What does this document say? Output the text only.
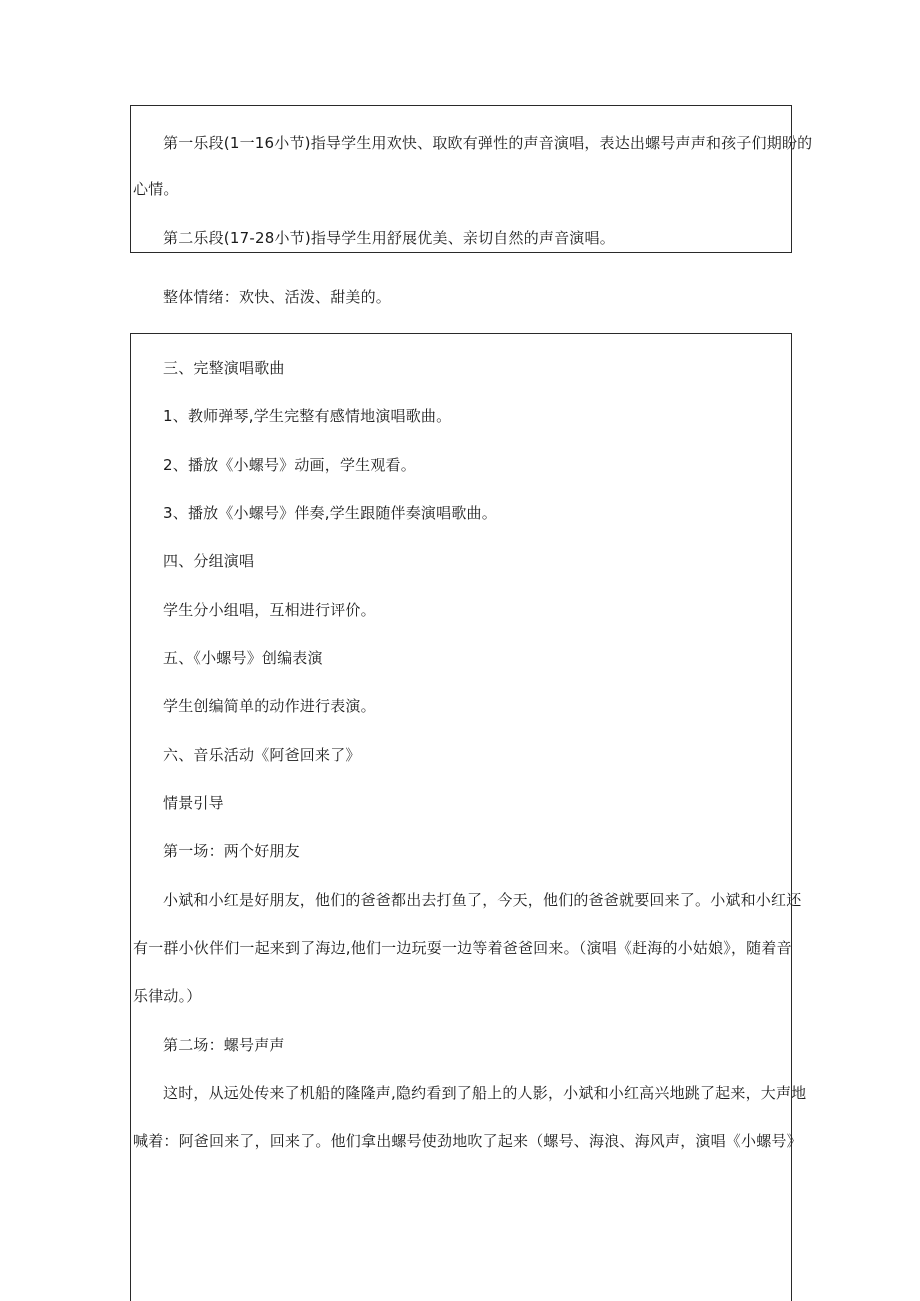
第一乐段(1一16小节)指导学生用欢快、取欧有弹性的声音演唱，表达出螺号声声和孩子们期盼的

心情。

第二乐段(17-28小节)指导学生用舒展优美、亲切自然的声音演唱。

整体情绪：欢快、活泼、甜美的。

三、完整演唱歌曲

1、教师弹琴,学生完整有感情地演唱歌曲。

2、播放《小螺号》动画，学生观看。

3、播放《小螺号》伴奏,学生跟随伴奏演唱歌曲。

四、分组演唱

学生分小组唱，互相进行评价。

五、《小螺号》创编表演

学生创编简单的动作进行表演。

六、音乐活动《阿爸回来了》

情景引导

第一场：两个好朋友

小斌和小红是好朋友，他们的爸爸都出去打鱼了，今天，他们的爸爸就要回来了。小斌和小红还

有一群小伙伴们一起来到了海边,他们一边玩耍一边等着爸爸回来。（演唱《赶海的小姑娘》，随着音

乐律动。）

第二场：螺号声声

这时，从远处传来了机船的隆隆声,隐约看到了船上的人影，小斌和小红高兴地跳了起来，大声地

喊着：阿爸回来了，回来了。他们拿出螺号使劲地吹了起来（螺号、海浪、海风声，演唱《小螺号》
